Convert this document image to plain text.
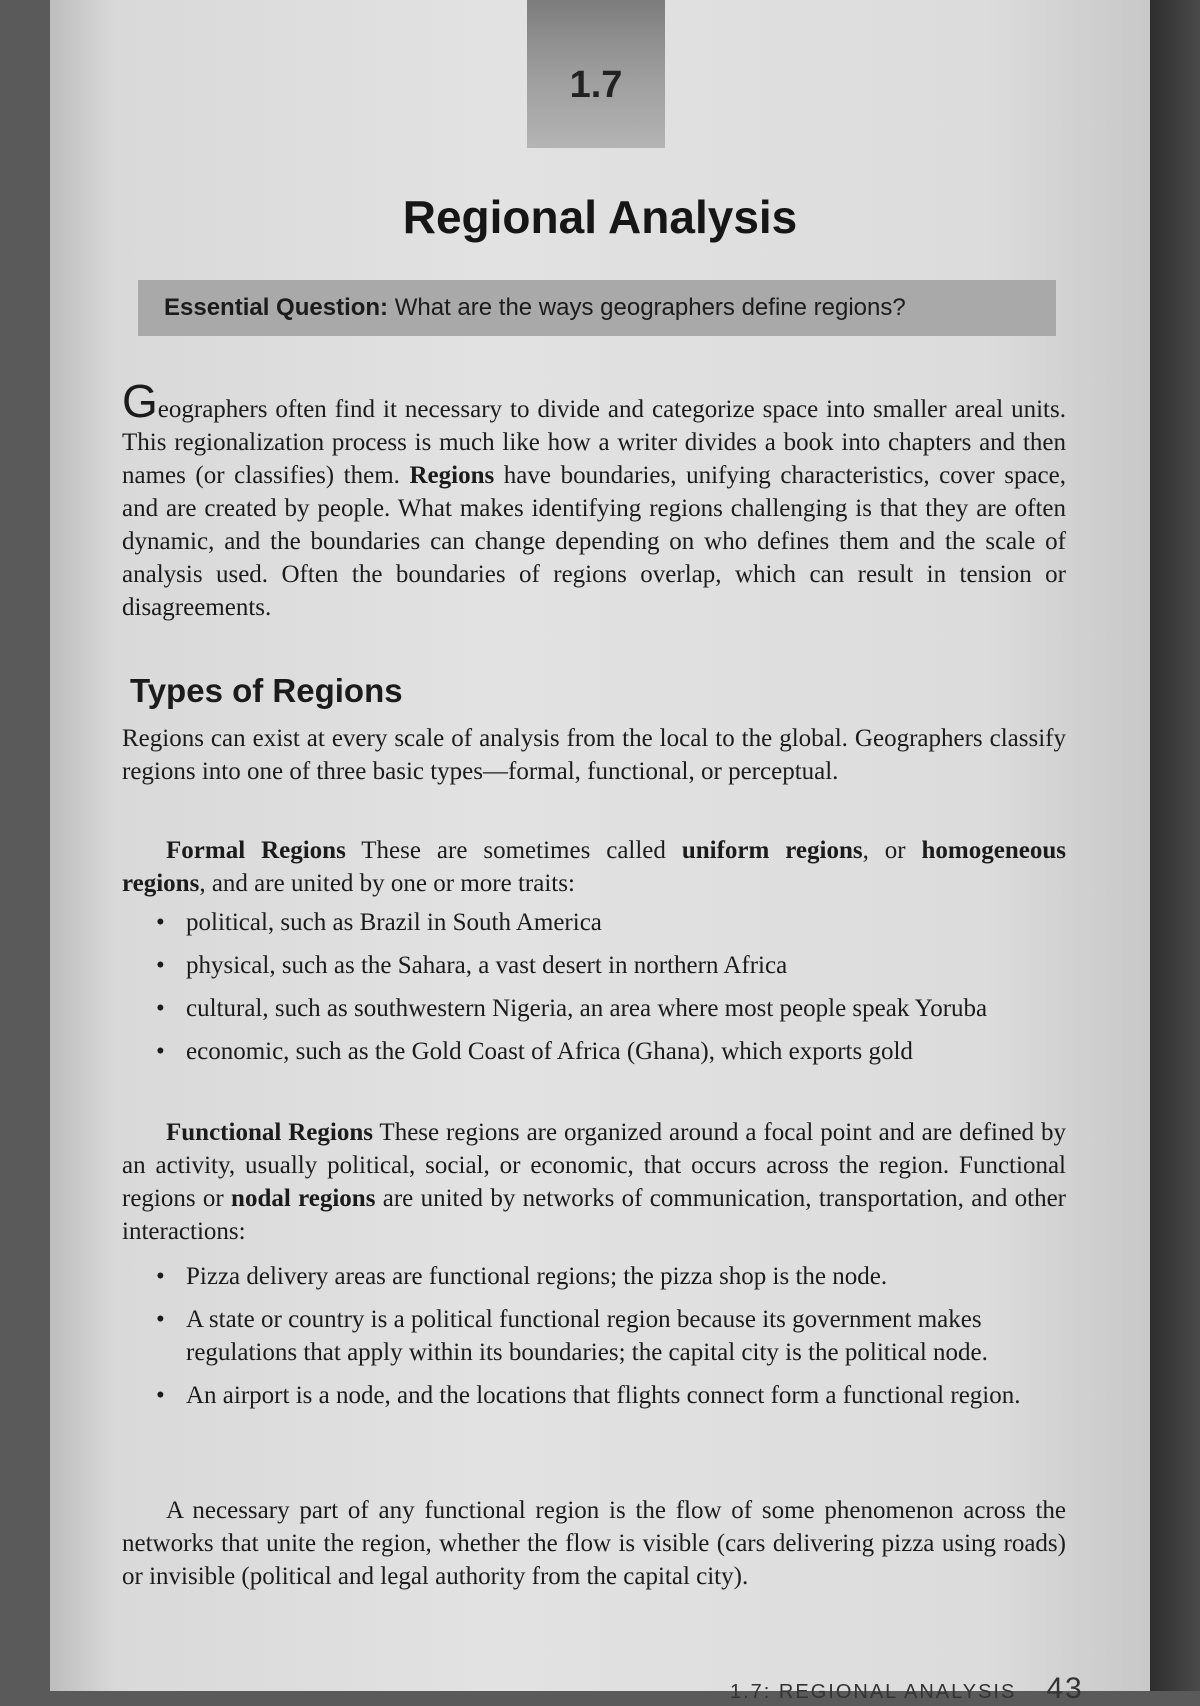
1.7
Regional Analysis
Essential Question: What are the ways geographers define regions?
Geographers often find it necessary to divide and categorize space into smaller areal units. This regionalization process is much like how a writer divides a book into chapters and then names (or classifies) them. Regions have boundaries, unifying characteristics, cover space, and are created by people. What makes identifying regions challenging is that they are often dynamic, and the boundaries can change depending on who defines them and the scale of analysis used. Often the boundaries of regions overlap, which can result in tension or disagreements.
Types of Regions
Regions can exist at every scale of analysis from the local to the global. Geographers classify regions into one of three basic types—formal, functional, or perceptual.
Formal Regions These are sometimes called uniform regions, or homogeneous regions, and are united by one or more traits:
• political, such as Brazil in South America
• physical, such as the Sahara, a vast desert in northern Africa
• cultural, such as southwestern Nigeria, an area where most people speak Yoruba
• economic, such as the Gold Coast of Africa (Ghana), which exports gold
Functional Regions These regions are organized around a focal point and are defined by an activity, usually political, social, or economic, that occurs across the region. Functional regions or nodal regions are united by networks of communication, transportation, and other interactions:
• Pizza delivery areas are functional regions; the pizza shop is the node.
• A state or country is a political functional region because its government makes regulations that apply within its boundaries; the capital city is the political node.
• An airport is a node, and the locations that flights connect form a functional region.
A necessary part of any functional region is the flow of some phenomenon across the networks that unite the region, whether the flow is visible (cars delivering pizza using roads) or invisible (political and legal authority from the capital city).
1.7: REGIONAL ANALYSIS 43
